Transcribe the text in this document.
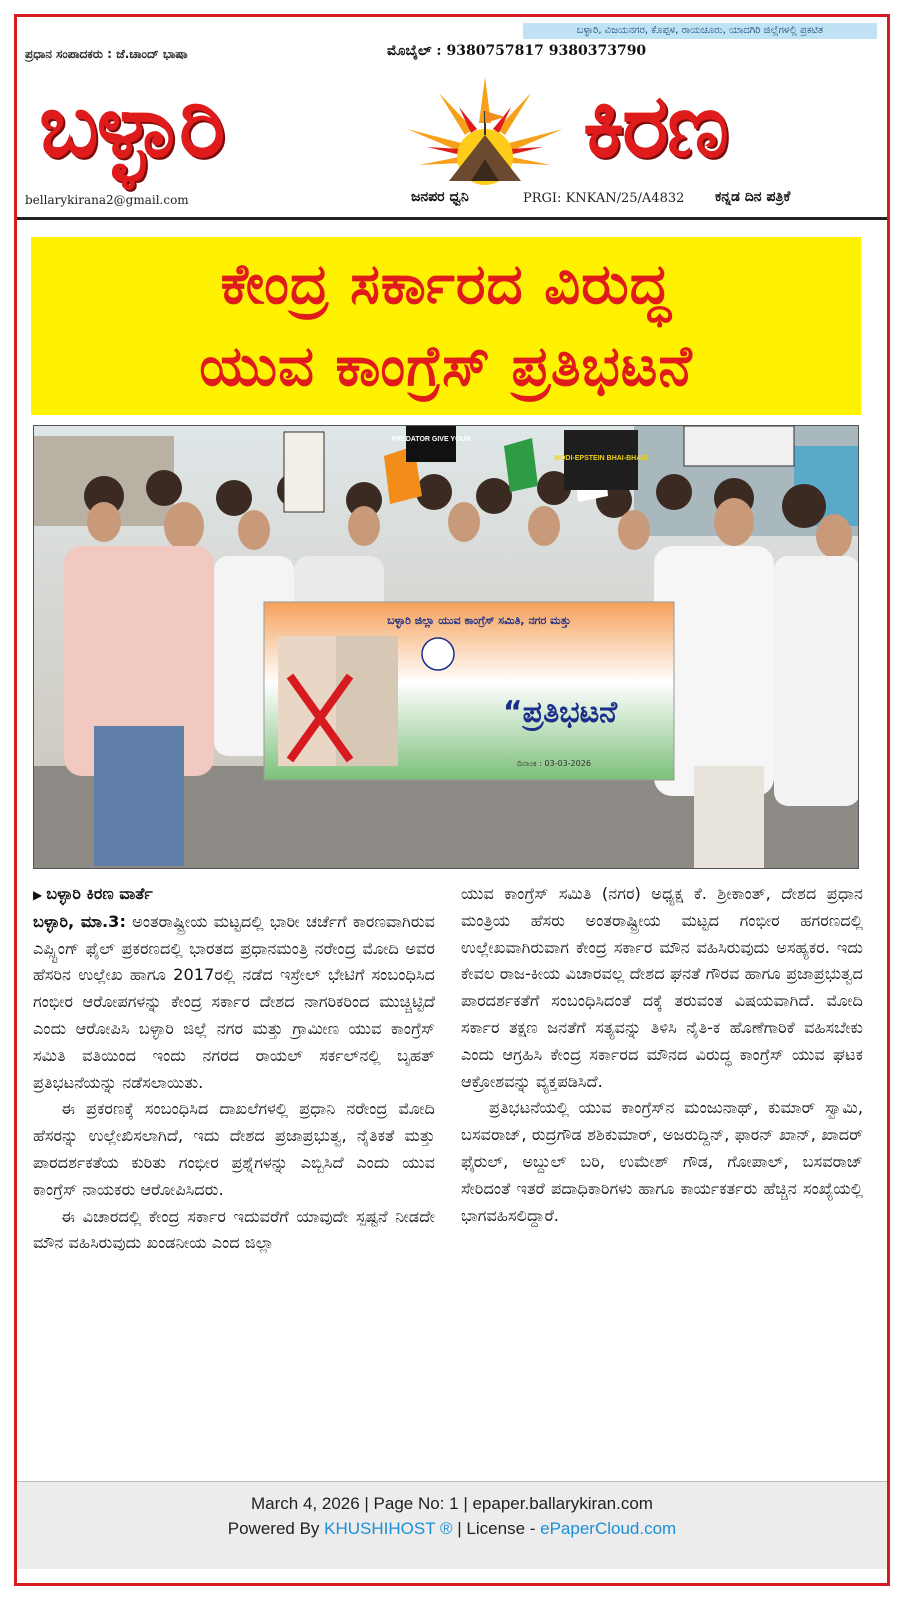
ಬಳ್ಳಾರಿ, ವಿಜಯನಗರ, ಕೊಪ್ಪಳ, ರಾಯಚೂರು, ಯಾದಗಿರಿ ಜಿಲ್ಲೆಗಳಲ್ಲಿ ಪ್ರಕಟಿತ
ಪ್ರಧಾನ ಸಂಪಾದಕರು : ಜೆ.ಚಾಂದ್ ಭಾಷಾ	ಮೊಬೈಲ್ : 9380757817 9380373790
ಬಳ್ಳಾರಿ	ಕಿರಣ
bellarykirana2@gmail.com	ಜನಪರ ಧ್ವನಿ	PRGI: KNKAN/25/A4832 ಕನ್ನಡ ದಿನ ಪತ್ರಿಕೆ
ಕೇಂದ್ರ ಸರ್ಕಾರದ ವಿರುದ್ಧ
ಯುವ ಕಾಂಗ್ರೆಸ್ ಪ್ರತಿಭಟನೆ
PREDATOR GIVE YOUR
MODI-EPSTEIN BHAI-BHAI!!
ಬಳ್ಳಾರಿ ಜಿಲ್ಲಾ ಯುವ ಕಾಂಗ್ರೆಸ್ ಸಮಿತಿ, ನಗರ ಮತ್ತು
“ಪ್ರತಿಭಟನೆ
ದಿನಾಂಕ : 03-03-2026
▶ ಬಳ್ಳಾರಿ ಕಿರಣ ವಾರ್ತೆ

ಬಳ್ಳಾರಿ, ಮಾ.3: ಅಂತರಾಷ್ಟ್ರೀಯ ಮಟ್ಟದಲ್ಲಿ ಭಾರೀ ಚರ್ಚೆಗೆ ಕಾರಣವಾಗಿರುವ ಎಪ್ಸ್ಟಿಂಗ್ ಫೈಲ್ ಪ್ರಕರಣದಲ್ಲಿ ಭಾರತದ ಪ್ರಧಾನಮಂತ್ರಿ ನರೇಂದ್ರ ಮೋದಿ ಅವರ ಹೆಸರಿನ ಉಲ್ಲೇಖ ಹಾಗೂ 2017ರಲ್ಲಿ ನಡೆದ ಇಸ್ರೇಲ್ ಭೇಟಿಗೆ ಸಂಬಂಧಿಸಿದ ಗಂಭೀರ ಆರೋಪಗಳನ್ನು ಕೇಂದ್ರ ಸರ್ಕಾರ ದೇಶದ ನಾಗರಿಕರಿಂದ ಮುಚ್ಚಿಟ್ಟಿದೆ ಎಂದು ಆರೋಪಿಸಿ ಬಳ್ಳಾರಿ ಜಿಲ್ಲೆ ನಗರ ಮತ್ತು ಗ್ರಾಮೀಣ ಯುವ ಕಾಂಗ್ರೆಸ್ ಸಮಿತಿ ವತಿಯಿಂದ ಇಂದು ನಗರದ ರಾಯಲ್ ಸರ್ಕಲ್‌ನಲ್ಲಿ ಬೃಹತ್ ಪ್ರತಿಭಟನೆಯನ್ನು ನಡೆಸಲಾಯಿತು.

ಈ ಪ್ರಕರಣಕ್ಕೆ ಸಂಬಂಧಿಸಿದ ದಾಖಲೆಗಳಲ್ಲಿ ಪ್ರಧಾನಿ ನರೇಂದ್ರ ಮೋದಿ ಹೆಸರನ್ನು ಉಲ್ಲೇಖಿಸಲಾಗಿದೆ, ಇದು ದೇಶದ ಪ್ರಜಾಪ್ರಭುತ್ವ, ನೈತಿಕತೆ ಮತ್ತು ಪಾರದರ್ಶಕತೆಯ ಕುರಿತು ಗಂಭೀರ ಪ್ರಶ್ನೆಗಳನ್ನು ಎಬ್ಬಿಸಿದೆ ಎಂದು ಯುವ ಕಾಂಗ್ರೆಸ್ ನಾಯಕರು ಆರೋಪಿಸಿದರು.

ಈ ವಿಚಾರದಲ್ಲಿ ಕೇಂದ್ರ ಸರ್ಕಾರ ಇದುವರೆಗೆ ಯಾವುದೇ ಸ್ಪಷ್ಟನೆ ನೀಡದೇ ಮೌನ ವಹಿಸಿರುವುದು ಖಂಡನೀಯ ಎಂದ ಜಿಲ್ಲಾ

ಯುವ ಕಾಂಗ್ರೆಸ್ ಸಮಿತಿ (ನಗರ) ಅಧ್ಯಕ್ಷ ಕೆ. ಶ್ರೀಕಾಂತ್, ದೇಶದ ಪ್ರಧಾನ ಮಂತ್ರಿಯ ಹೆಸರು ಅಂತರಾಷ್ಟ್ರೀಯ ಮಟ್ಟದ ಗಂಭೀರ ಹಗರಣದಲ್ಲಿ ಉಲ್ಲೇಖವಾಗಿರುವಾಗ ಕೇಂದ್ರ ಸರ್ಕಾರ ಮೌನ ವಹಿಸಿರುವುದು ಅಸಹ್ಯಕರ. ಇದು ಕೇವಲ ರಾಜ-ಕೀಯ ವಿಚಾರವಲ್ಲ ದೇಶದ ಘನತೆ ಗೌರವ ಹಾಗೂ ಪ್ರಜಾಪ್ರಭುತ್ವದ ಪಾರದರ್ಶಕತೆಗೆ ಸಂಬಂಧಿಸಿದಂತೆ ದಕ್ಕೆ ತರುವಂತ ವಿಷಯವಾಗಿದೆ. ಮೋದಿ ಸರ್ಕಾರ ತಕ್ಷಣ ಜನತೆಗೆ ಸತ್ಯವನ್ನು ತಿಳಿಸಿ ನೈತಿ-ಕ ಹೊಣೆಗಾರಿಕೆ ವಹಿಸಬೇಕು ಎಂದು ಆಗ್ರಹಿಸಿ ಕೇಂದ್ರ ಸರ್ಕಾರದ ಮೌನದ ವಿರುದ್ಧ ಕಾಂಗ್ರೆಸ್ ಯುವ ಘಟಕ ಆಕ್ರೋಶವನ್ನು ವ್ಯಕ್ತಪಡಿಸಿದೆ.

ಪ್ರತಿಭಟನೆಯಲ್ಲಿ ಯುವ ಕಾಂಗ್ರೆಸ್‌ನ ಮಂಜುನಾಥ್, ಕುಮಾರ್ ಸ್ವಾಮಿ, ಬಸವರಾಜ್, ರುದ್ರಗೌಡ ಶಶಿಕುಮಾರ್, ಅಜರುದ್ದಿನ್, ಫಾರನ್ ಖಾನ್, ಖಾದರ್ ಫೈರುಲ್, ಅಬ್ದುಲ್ ಬರಿ, ಉಮೇಶ್ ಗೌಡ, ಗೋಪಾಲ್, ಬಸವರಾಜ್ ಸೇರಿದಂತೆ ಇತರೆ ಪದಾಧಿಕಾರಿಗಳು ಹಾಗೂ ಕಾರ್ಯಕರ್ತರು ಹೆಚ್ಚಿನ ಸಂಖ್ಯೆಯಲ್ಲಿ ಭಾಗವಹಿಸಲಿದ್ದಾರೆ.

March 4, 2026 | Page No: 1 | epaper.ballarykiran.com
Powered By KHUSHIHOST ® | License - ePaperCloud.com
